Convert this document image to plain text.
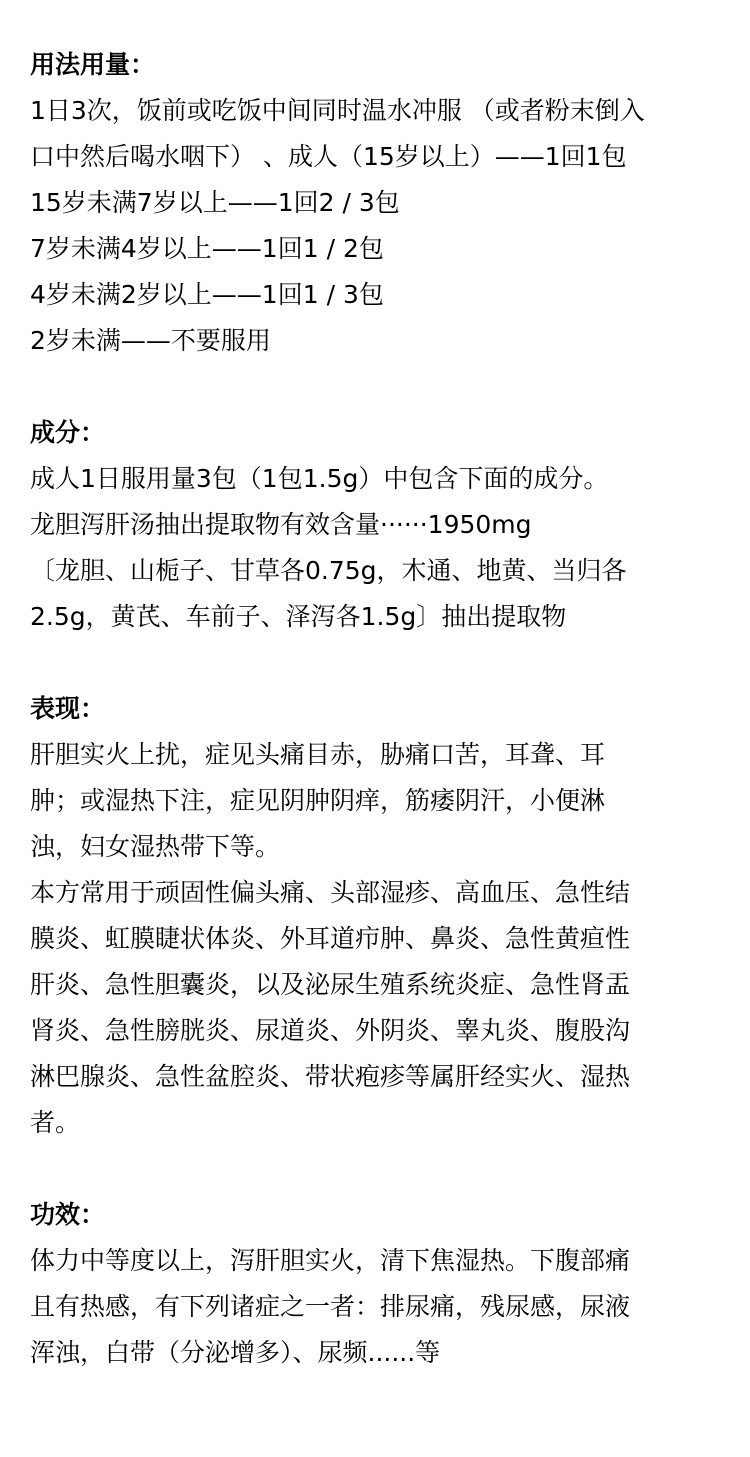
用法用量：
1日3次，饭前或吃饭中间同时温水冲服 （或者粉末倒入
口中然后喝水咽下） 、成人（15岁以上）——1回1包
15岁未满7岁以上——1回2 / 3包
7岁未满4岁以上——1回1 / 2包
4岁未满2岁以上——1回1 / 3包
2岁未满——不要服用
成分：
成人1日服用量3包（1包1.5g）中包含下面的成分。
龙胆泻肝汤抽出提取物有效含量······1950mg
〔龙胆、山栀子、甘草各0.75g，木通、地黄、当归各
2.5g，黄芪、车前子、泽泻各1.5g〕抽出提取物
表现：
肝胆实火上扰，症见头痛目赤，胁痛口苦，耳聋、耳
肿；或湿热下注，症见阴肿阴痒，筋痿阴汗，小便淋
浊，妇女湿热带下等。
本方常用于顽固性偏头痛、头部湿疹、高血压、急性结
膜炎、虹膜睫状体炎、外耳道疖肿、鼻炎、急性黄疸性
肝炎、急性胆囊炎，以及泌尿生殖系统炎症、急性肾盂
肾炎、急性膀胱炎、尿道炎、外阴炎、睾丸炎、腹股沟
淋巴腺炎、急性盆腔炎、带状疱疹等属肝经实火、湿热
者。
功效：
体力中等度以上，泻肝胆实火，清下焦湿热。下腹部痛
且有热感，有下列诸症之一者：排尿痛，残尿感，尿液
浑浊，白带（分泌增多）、尿频......等
